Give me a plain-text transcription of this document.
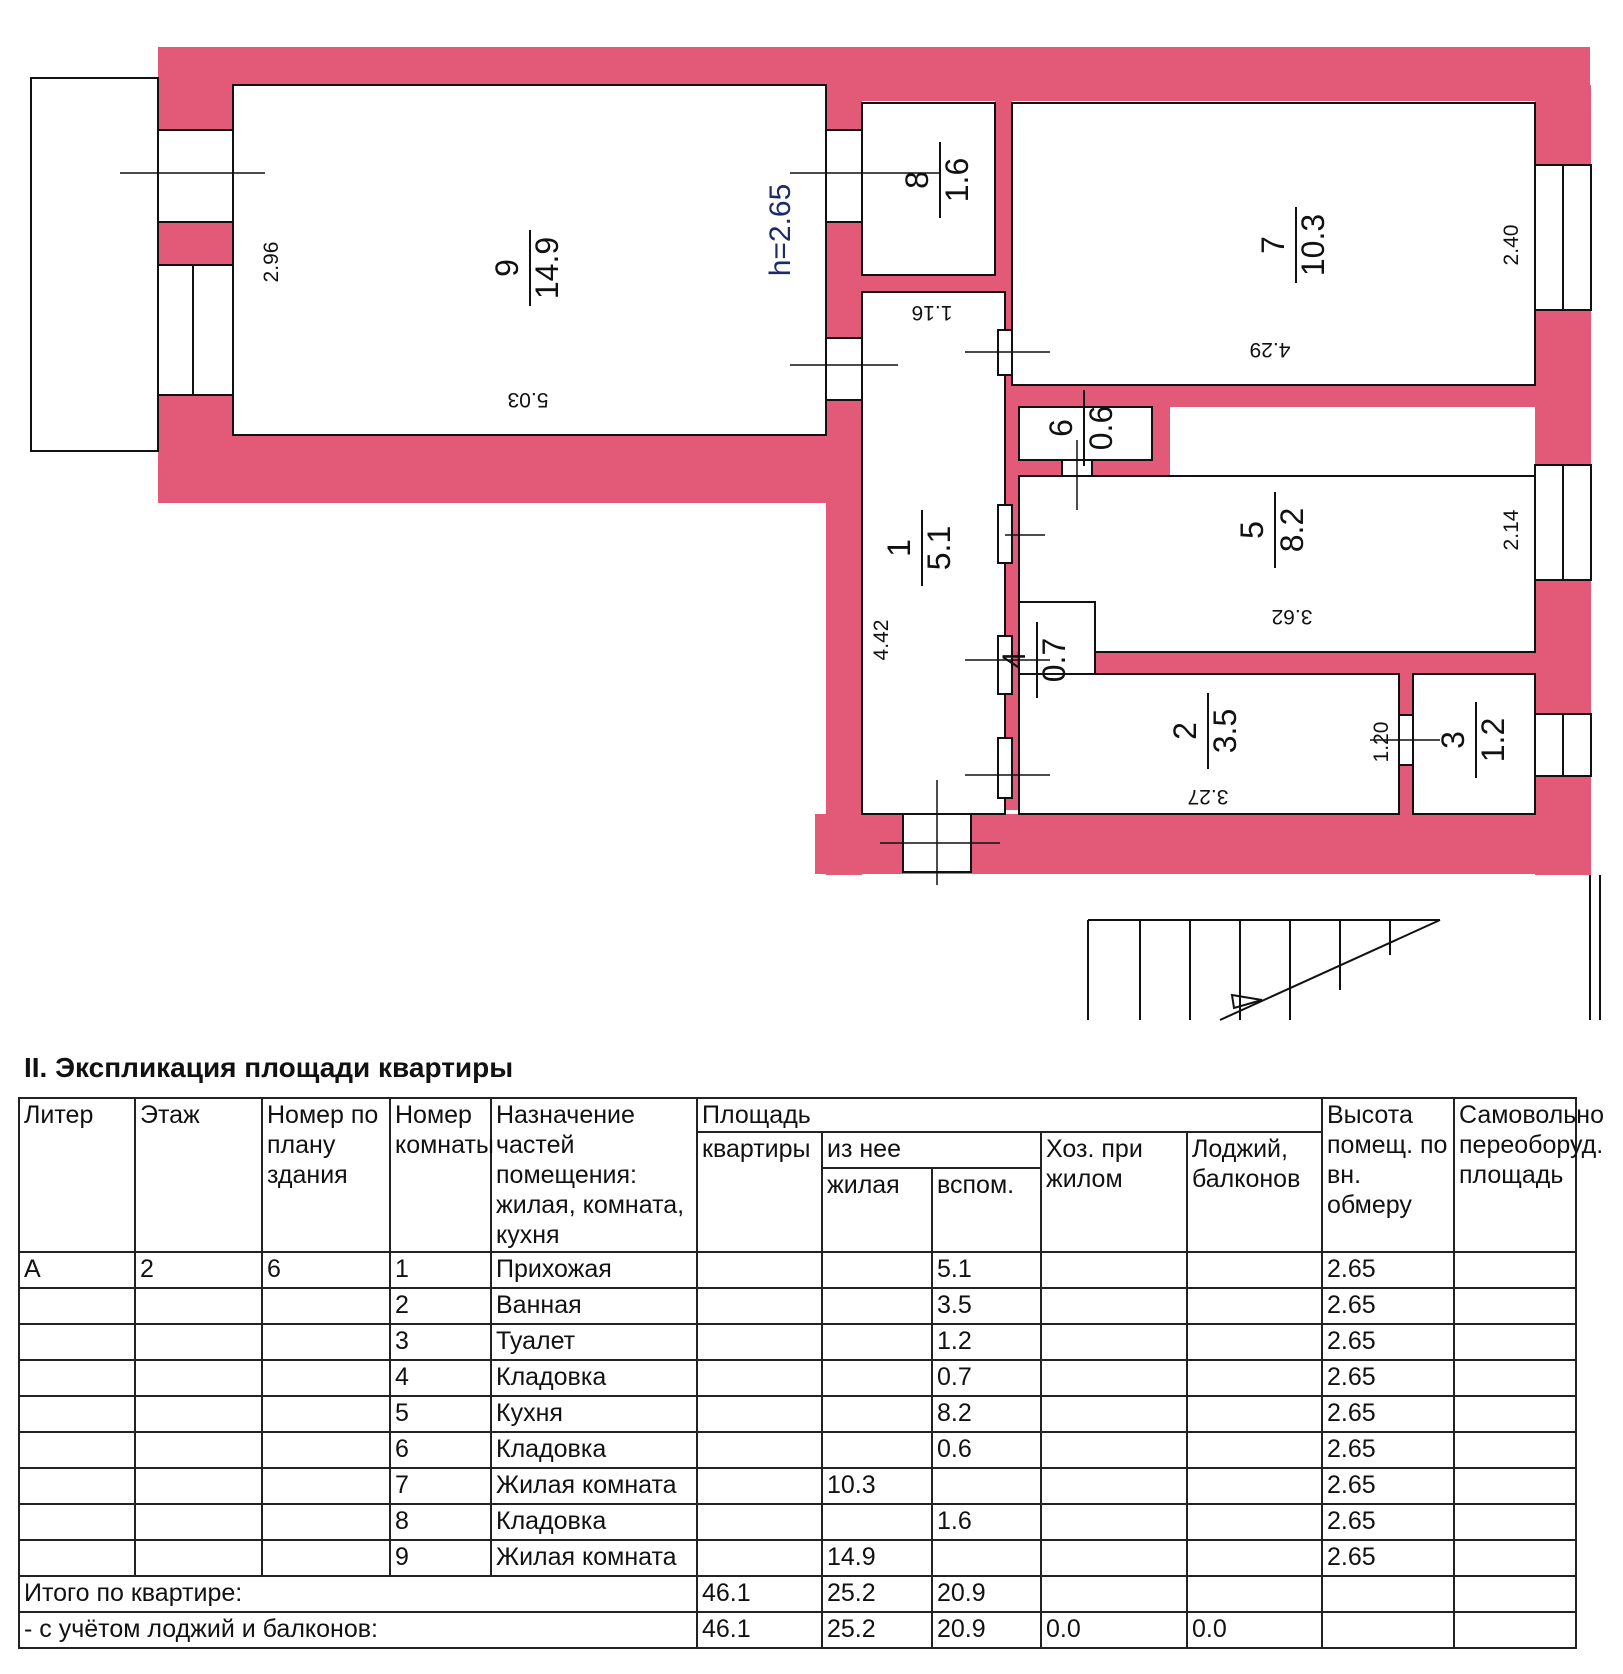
h=2.65
1 5.1
2 3.5	3 1.2
4 0.7
5 8.2
6 0.6
7 10.3
8 1.6
9 14.9
2.96
5.03
1.16
4.29
2.40
3.62
2.14
4.42
3.27
1.20
II. Экспликация площади квартиры
Литер	Этаж	Номер по плану здания	Номер комнаты	Назначение частей помещения: жилая, комната, кухня	Площадь					Высота помещ. по вн. обмеру	Самовольно переоборуд. площадь
					квартиры	из нее		Хоз. при жилом	Лоджий, балконов		
						жилая	вспом.				
А	2	6	1	Прихожая			5.1			2.65	
			2	Ванная			3.5			2.65	
			3	Туалет			1.2			2.65	
			4	Кладовка			0.7			2.65	
			5	Кухня			8.2			2.65	
			6	Кладовка			0.6			2.65	
			7	Жилая комната		10.3				2.65	
			8	Кладовка			1.6			2.65	
			9	Жилая комната		14.9				2.65	
Итого по квартире:					46.1	25.2	20.9				
- с учётом лоджий и балконов:					46.1	25.2	20.9	0.0	0.0		
